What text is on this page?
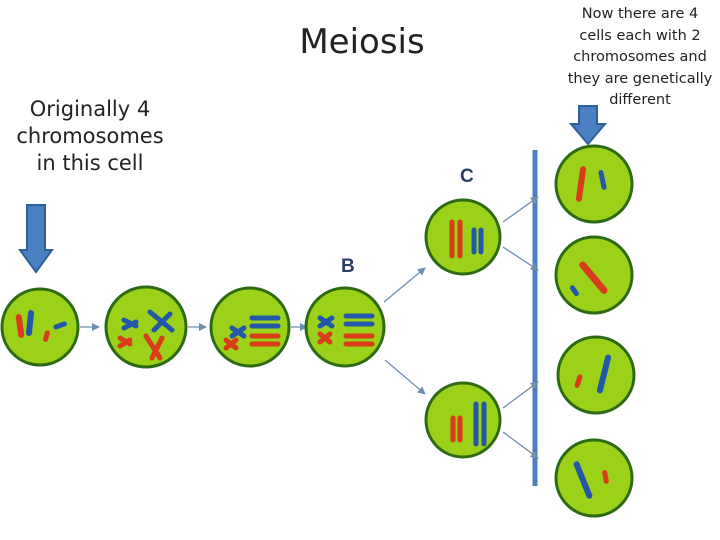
Meiosis
Originally 4
chromosomes
in this cell
Now there are 4
cells each with 2
chromosomes and
they are genetically
different
B
C
